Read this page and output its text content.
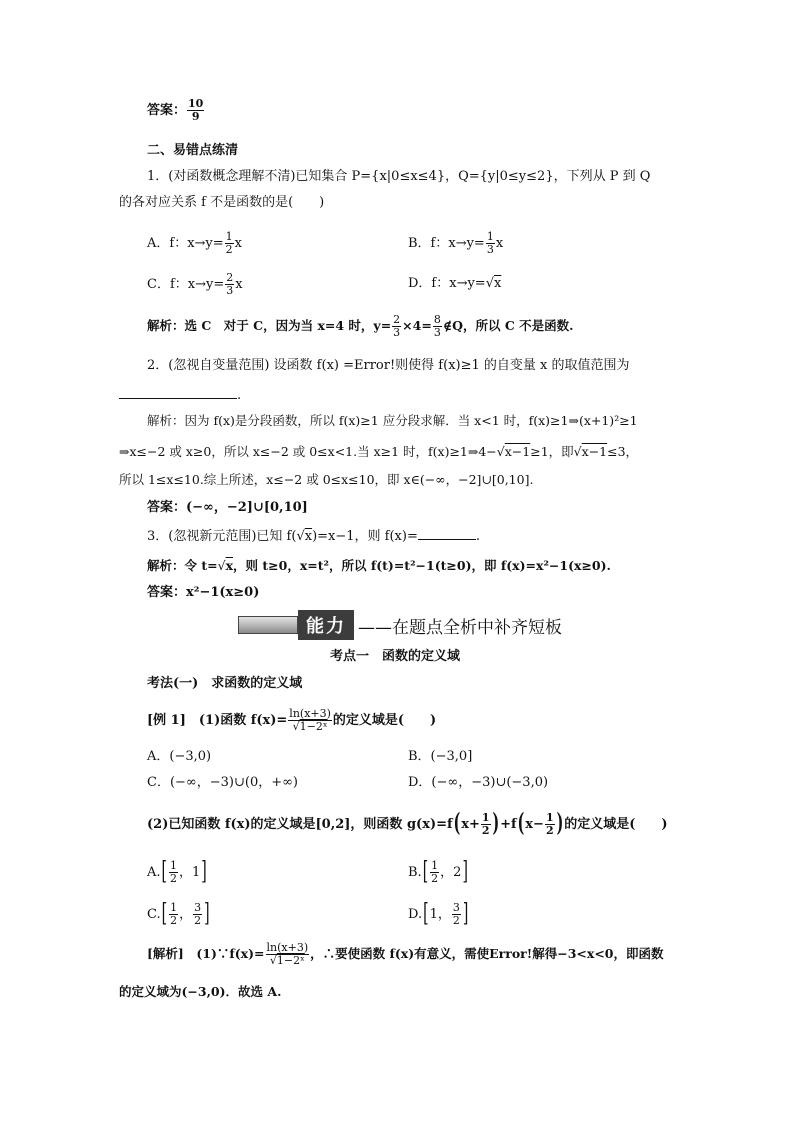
答案： $\frac{10}{9}$
二、易错点练清
1．(对函数概念理解不清)已知集合 P={x|0≤x≤4}，Q={y|0≤y≤2}，下列从 P 到 Q
的各对应关系 f 不是函数的是(　　)
A．f：$x\to y= \frac{1}{2}$ x	B．f：$x\to y= \frac{1}{3}$ x
C．f：$x\to y= \frac{2}{3}$ x	D．f：x→y=√x
解析：选 C　对于 C，因为当 x=4 时，$y= \frac{2}{3} \times 4= \frac{8}{3}$ ∉Q，所以 C 不是函数.
2．(忽视自变量范围) 设函数 f(x) =Error!则使得 f(x)≥1 的自变量 x 的取值范围为
.
解析：因为 f(x)是分段函数，所以 f(x)≥1 应分段求解．当 x<1 时，f(x)≥1⇒(x+1)²≥1
⇒x≤−2 或 x≥0，所以 x≤−2 或 0≤x<1.当 x≥1 时，f(x)≥1⇒4−√x−1≥1，即√x−1≤3，
所以 1≤x≤10.综上所述，x≤−2 或 0≤x≤10，即 x∈(−∞，−2]∪[0,10].
答案：(−∞，−2]∪[0,10]
3．(忽视新元范围)已知 f(√x)=x−1，则 f(x)=	.
解析：令 t=√x，则 t≥0，x=t²，所以 f(t)=t²−1(t≥0)，即 f(x)=x²−1(x≥0).
答案：x²−1(x≥0)
能力 ——在题点全析中补齐短板
考点一　函数的定义域
考法(一)　求函数的定义域
[例 1]　(1)函数 $f(x)= \frac{\ln(x+3)}{\text{√1−2ˣ}}$ 的定义域是(　　)
A．(−3,0)	B．(−3,0]
C．(−∞，−3)∪(0，+∞)	D．(−∞，−3)∪(−3,0)
(2)已知函数 f(x)的定义域是[0,2]，则函数 $g(x)=f(x+ \frac{1}{2} )+f(x- \frac{1}{2}$ )的定义域是(　　)
$A.[ \frac{1}{2}$ ，1]	$B.[ \frac{1}{2}$ ，2]
$C.[ \frac{1}{2}$ ， $\frac{3}{2}$ ]	D.[1， $\frac{3}{2}$ ]
[解析]　(1)∵f(x)= $\frac{\ln(x+3)}{\text{√1−2ˣ}}$ ，∴要使函数 f(x)有意义，需使Error!解得−3<x<0，即函数
的定义域为(−3,0)．故选 A.
